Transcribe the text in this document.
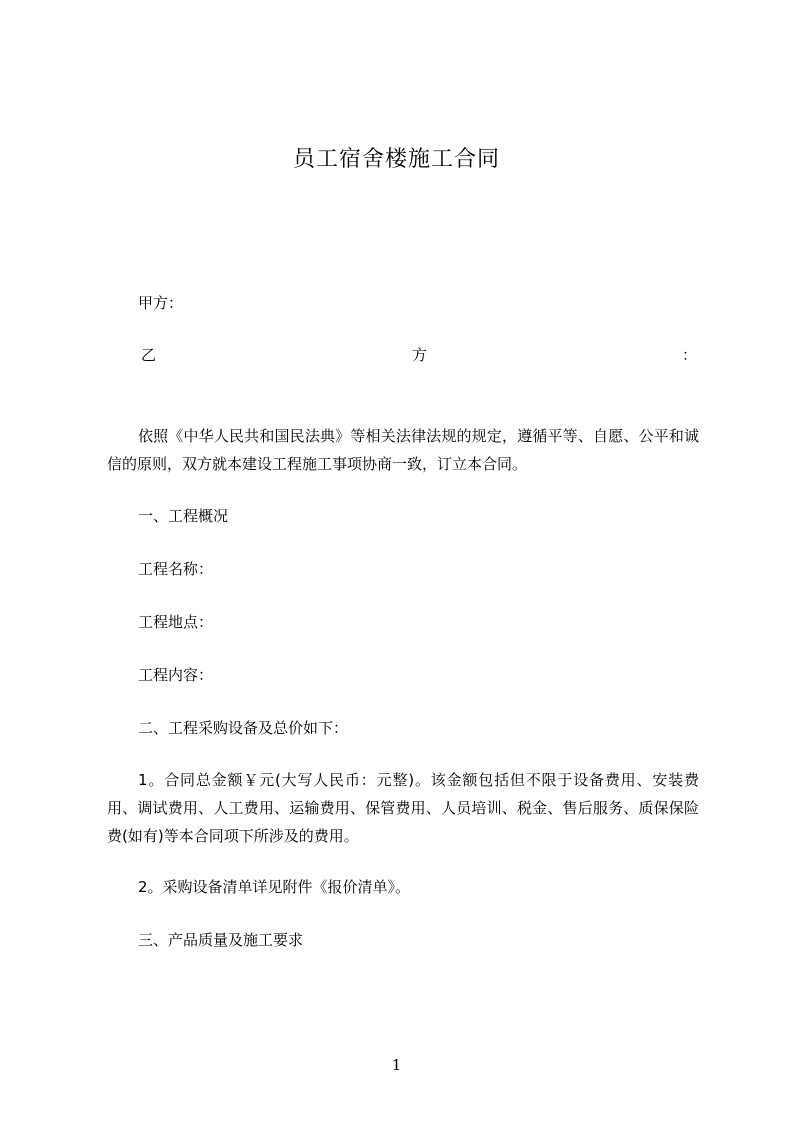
员工宿舍楼施工合同
甲方：
乙	方	：
依照《中华人民共和国民法典》等相关法律法规的规定，遵循平等、自愿、公平和诚信的原则，双方就本建设工程施工事项协商一致，订立本合同。
一、工程概况
工程名称：
工程地点：
工程内容：
二、工程采购设备及总价如下：
1。合同总金额￥元(大写人民币：元整)。该金额包括但不限于设备费用、安装费用、调试费用、人工费用、运输费用、保管费用、人员培训、税金、售后服务、质保保险费(如有)等本合同项下所涉及的费用。
2。采购设备清单详见附件《报价清单》。
三、产品质量及施工要求
1
